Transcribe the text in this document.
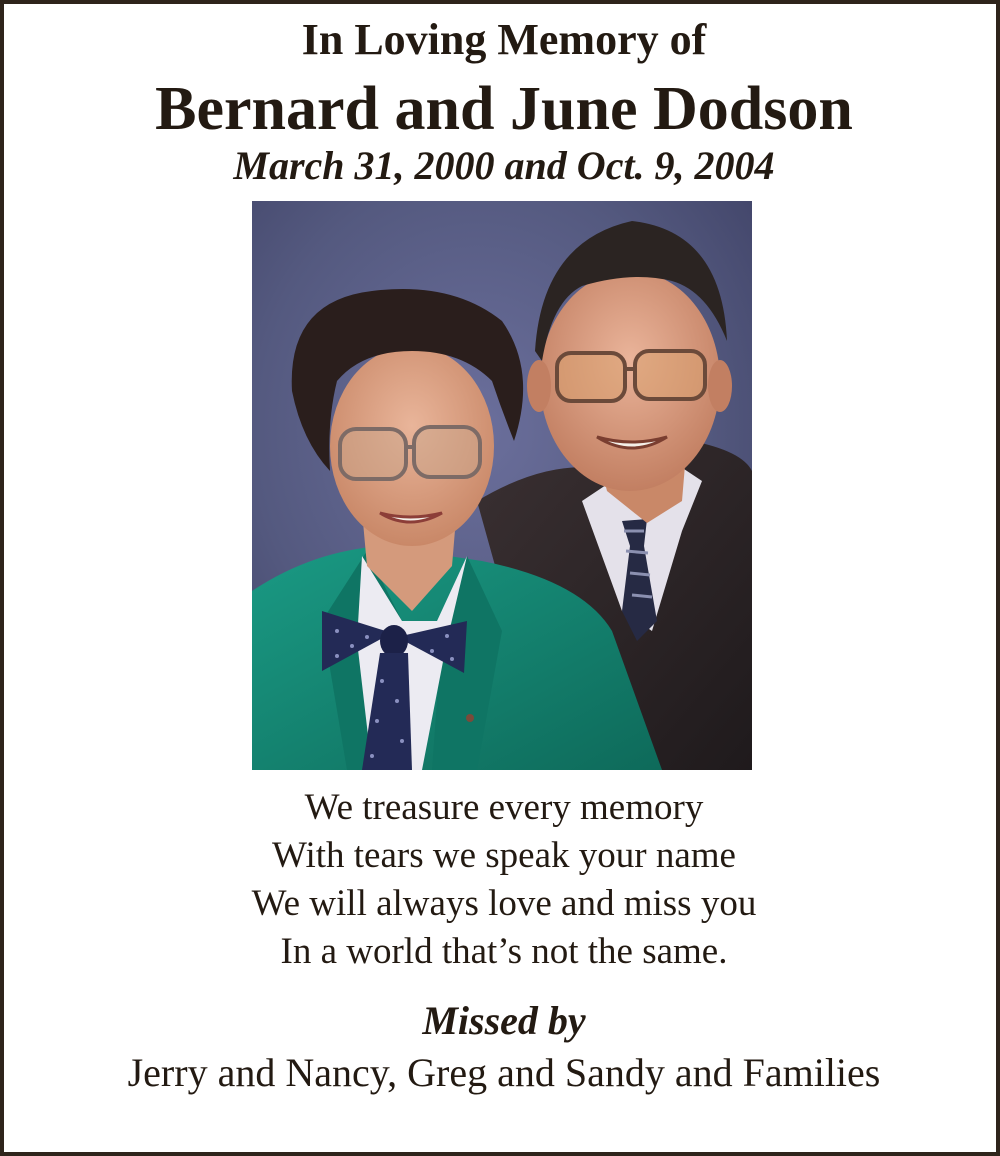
In Loving Memory of
Bernard and June Dodson
March 31, 2000 and Oct. 9, 2004
We treasure every memory
With tears we speak your name
We will always love and miss you
In a world that’s not the same.
Missed by
Jerry and Nancy, Greg and Sandy and Families
